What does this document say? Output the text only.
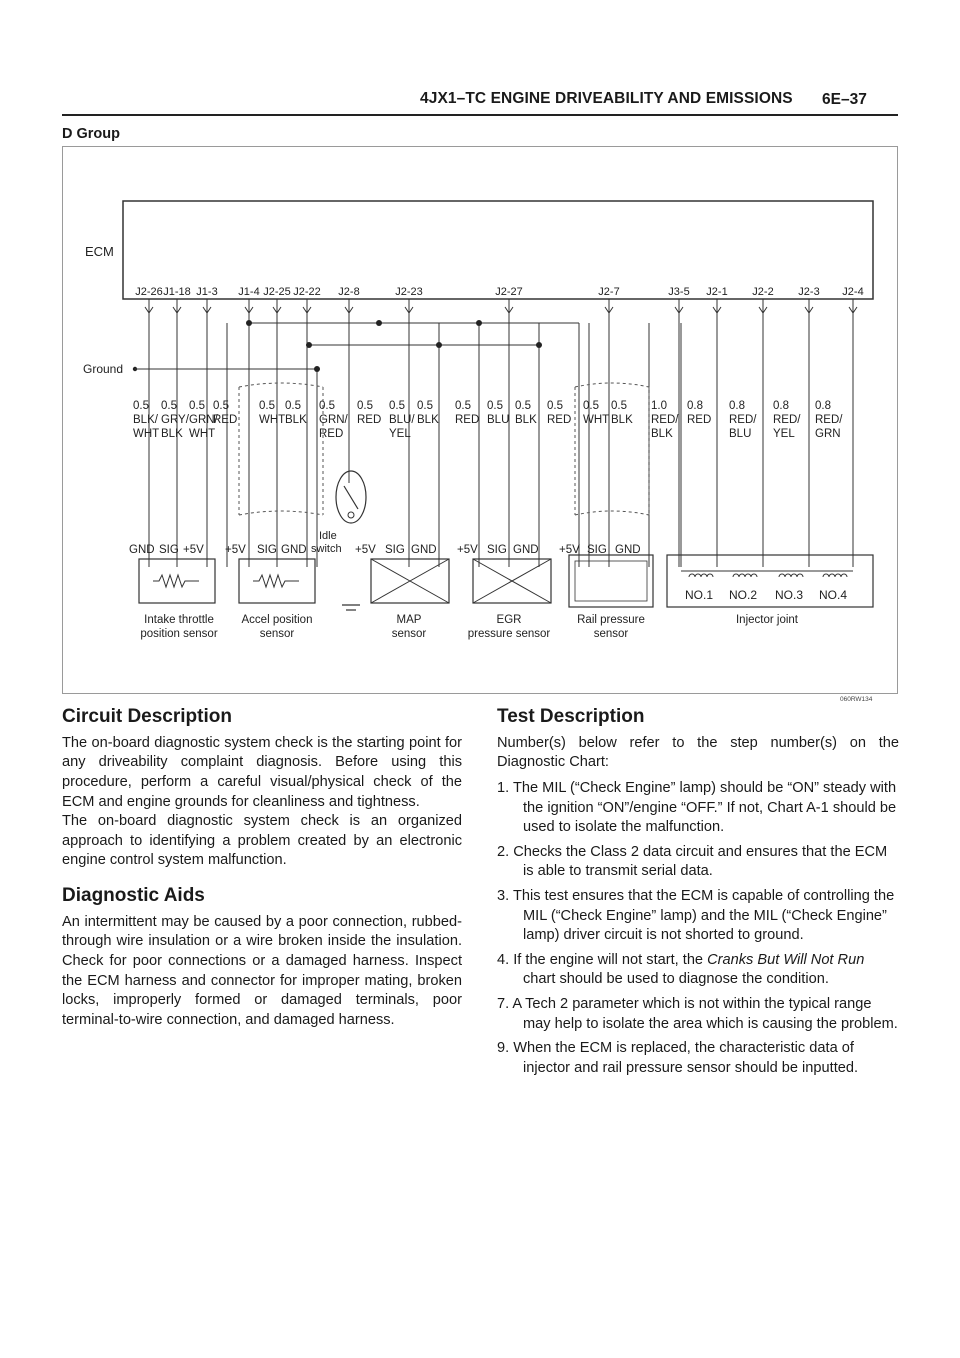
4JX1–TC ENGINE DRIVEABILITY AND EMISSIONS 6E–37
D Group
ECM
Ground
J2-26 J1-18 J1-3 J1-4 J2-25 J2-22 J2-8	J2-23	J2-27	J2-7	J3-5 J2-1 J2-2 J2-3 J2-4
0.5
BLK/
WHT
0.5
GRY/
BLK
0.5
GRN/
WHT
0.5
RED
0.5
WHT
0.5
BLK
0.5
GRN/
RED
0.5
RED
0.5
BLU/
YEL
0.5
BLK
0.5
RED
0.5
BLU
0.5
BLK
0.5
RED
0.5
WHT
0.5
BLK
1.0
RED/
BLK
0.8
RED
0.8
RED/
BLU
0.8
RED/
YEL
0.8
RED/
GRN
GND SIG +5V +5V SIG GND	+5V SIG GND +5V SIG GND +5V SIG GND
Idle
switch
NO.1 NO.2 NO.3 NO.4
Intake throttle
position sensor
Accel position
sensor
MAP
sensor
EGR
pressure sensor
Rail pressure
sensor
Injector joint
060RW134
Circuit Description

The on-board diagnostic system check is the starting point for any driveability complaint diagnosis. Before using this procedure, perform a careful visual/physical check of the ECM and engine grounds for cleanliness and tightness.

The on-board diagnostic system check is an organized approach to identifying a problem created by an electronic engine control system malfunction.

Diagnostic Aids

An intermittent may be caused by a poor connection, rubbed-through wire insulation or a wire broken inside the insulation. Check for poor connections or a damaged harness. Inspect the ECM harness and connector for improper mating, broken locks, improperly formed or damaged terminals, poor terminal-to-wire connection, and damaged harness.

Test Description

Number(s) below refer to the step number(s) on the Diagnostic Chart:

1. The MIL (“Check Engine” lamp) should be “ON” steady with the ignition “ON”/engine “OFF.” If not, Chart A-1 should be used to isolate the malfunction.
2. Checks the Class 2 data circuit and ensures that the ECM is able to transmit serial data.
3. This test ensures that the ECM is capable of controlling the MIL (“Check Engine” lamp) and the MIL (“Check Engine” lamp) driver circuit is not shorted to ground.
4. If the engine will not start, the Cranks But Will Not Run chart should be used to diagnose the condition.
7. A Tech 2 parameter which is not within the typical range may help to isolate the area which is causing the problem.
9. When the ECM is replaced, the characteristic data of injector and rail pressure sensor should be inputted.
